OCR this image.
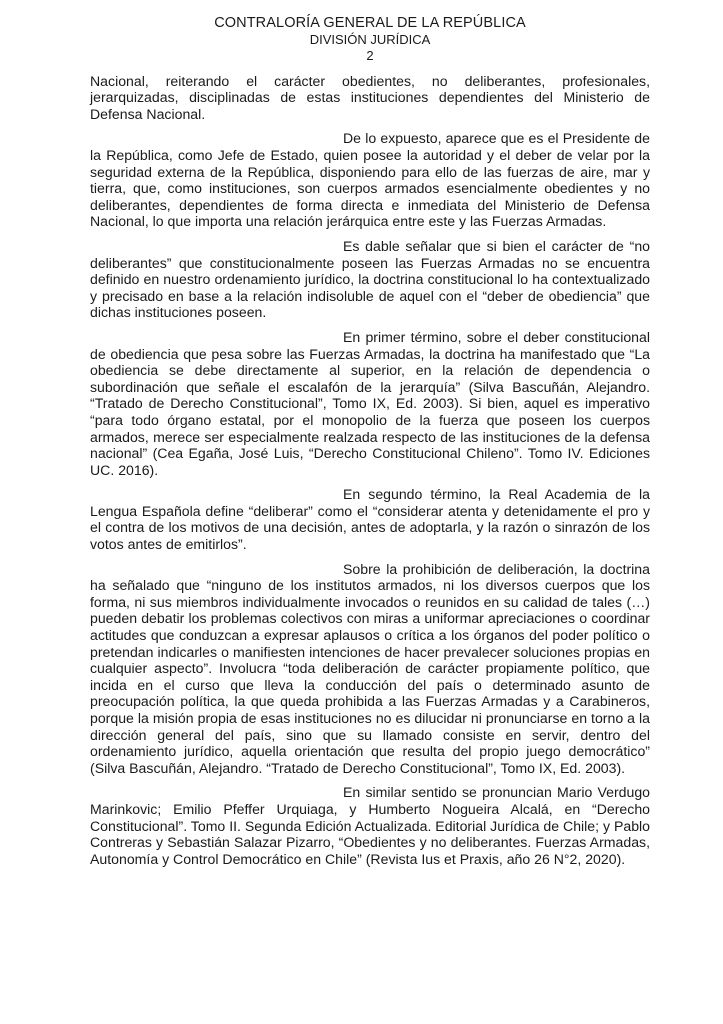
CONTRALORÍA GENERAL DE LA REPÚBLICA
DIVISIÓN JURÍDICA
2

Nacional, reiterando el carácter obedientes, no deliberantes, profesionales, jerarquizadas, disciplinadas de estas instituciones dependientes del Ministerio de Defensa Nacional.

De lo expuesto, aparece que es el Presidente de la República, como Jefe de Estado, quien posee la autoridad y el deber de velar por la seguridad externa de la República, disponiendo para ello de las fuerzas de aire, mar y tierra, que, como instituciones, son cuerpos armados esencialmente obedientes y no deliberantes, dependientes de forma directa e inmediata del Ministerio de Defensa Nacional, lo que importa una relación jerárquica entre este y las Fuerzas Armadas.

Es dable señalar que si bien el carácter de “no deliberantes” que constitucionalmente poseen las Fuerzas Armadas no se encuentra definido en nuestro ordenamiento jurídico, la doctrina constitucional lo ha contextualizado y precisado en base a la relación indisoluble de aquel con el “deber de obediencia” que dichas instituciones poseen.

En primer término, sobre el deber constitucional de obediencia que pesa sobre las Fuerzas Armadas, la doctrina ha manifestado que “La obediencia se debe directamente al superior, en la relación de dependencia o subordinación que señale el escalafón de la jerarquía” (Silva Bascuñán, Alejandro. “Tratado de Derecho Constitucional”, Tomo IX, Ed. 2003). Si bien, aquel es imperativo “para todo órgano estatal, por el monopolio de la fuerza que poseen los cuerpos armados, merece ser especialmente realzada respecto de las instituciones de la defensa nacional” (Cea Egaña, José Luis, “Derecho Constitucional Chileno”. Tomo IV. Ediciones UC. 2016).

En segundo término, la Real Academia de la Lengua Española define “deliberar” como el “considerar atenta y detenidamente el pro y el contra de los motivos de una decisión, antes de adoptarla, y la razón o sinrazón de los votos antes de emitirlos”.

Sobre la prohibición de deliberación, la doctrina ha señalado que “ninguno de los institutos armados, ni los diversos cuerpos que los forma, ni sus miembros individualmente invocados o reunidos en su calidad de tales (…) pueden debatir los problemas colectivos con miras a uniformar apreciaciones o coordinar actitudes que conduzcan a expresar aplausos o crítica a los órganos del poder político o pretendan indicarles o manifiesten intenciones de hacer prevalecer soluciones propias en cualquier aspecto”. Involucra “toda deliberación de carácter propiamente político, que incida en el curso que lleva la conducción del país o determinado asunto de preocupación política, la que queda prohibida a las Fuerzas Armadas y a Carabineros, porque la misión propia de esas instituciones no es dilucidar ni pronunciarse en torno a la dirección general del país, sino que su llamado consiste en servir, dentro del ordenamiento jurídico, aquella orientación que resulta del propio juego democrático” (Silva Bascuñán, Alejandro. “Tratado de Derecho Constitucional”, Tomo IX, Ed. 2003).

En similar sentido se pronuncian Mario Verdugo Marinkovic; Emilio Pfeffer Urquiaga, y Humberto Nogueira Alcalá, en “Derecho Constitucional”. Tomo II. Segunda Edición Actualizada. Editorial Jurídica de Chile; y Pablo Contreras y Sebastián Salazar Pizarro, “Obedientes y no deliberantes. Fuerzas Armadas, Autonomía y Control Democrático en Chile” (Revista Ius et Praxis, año 26 N°2, 2020).
